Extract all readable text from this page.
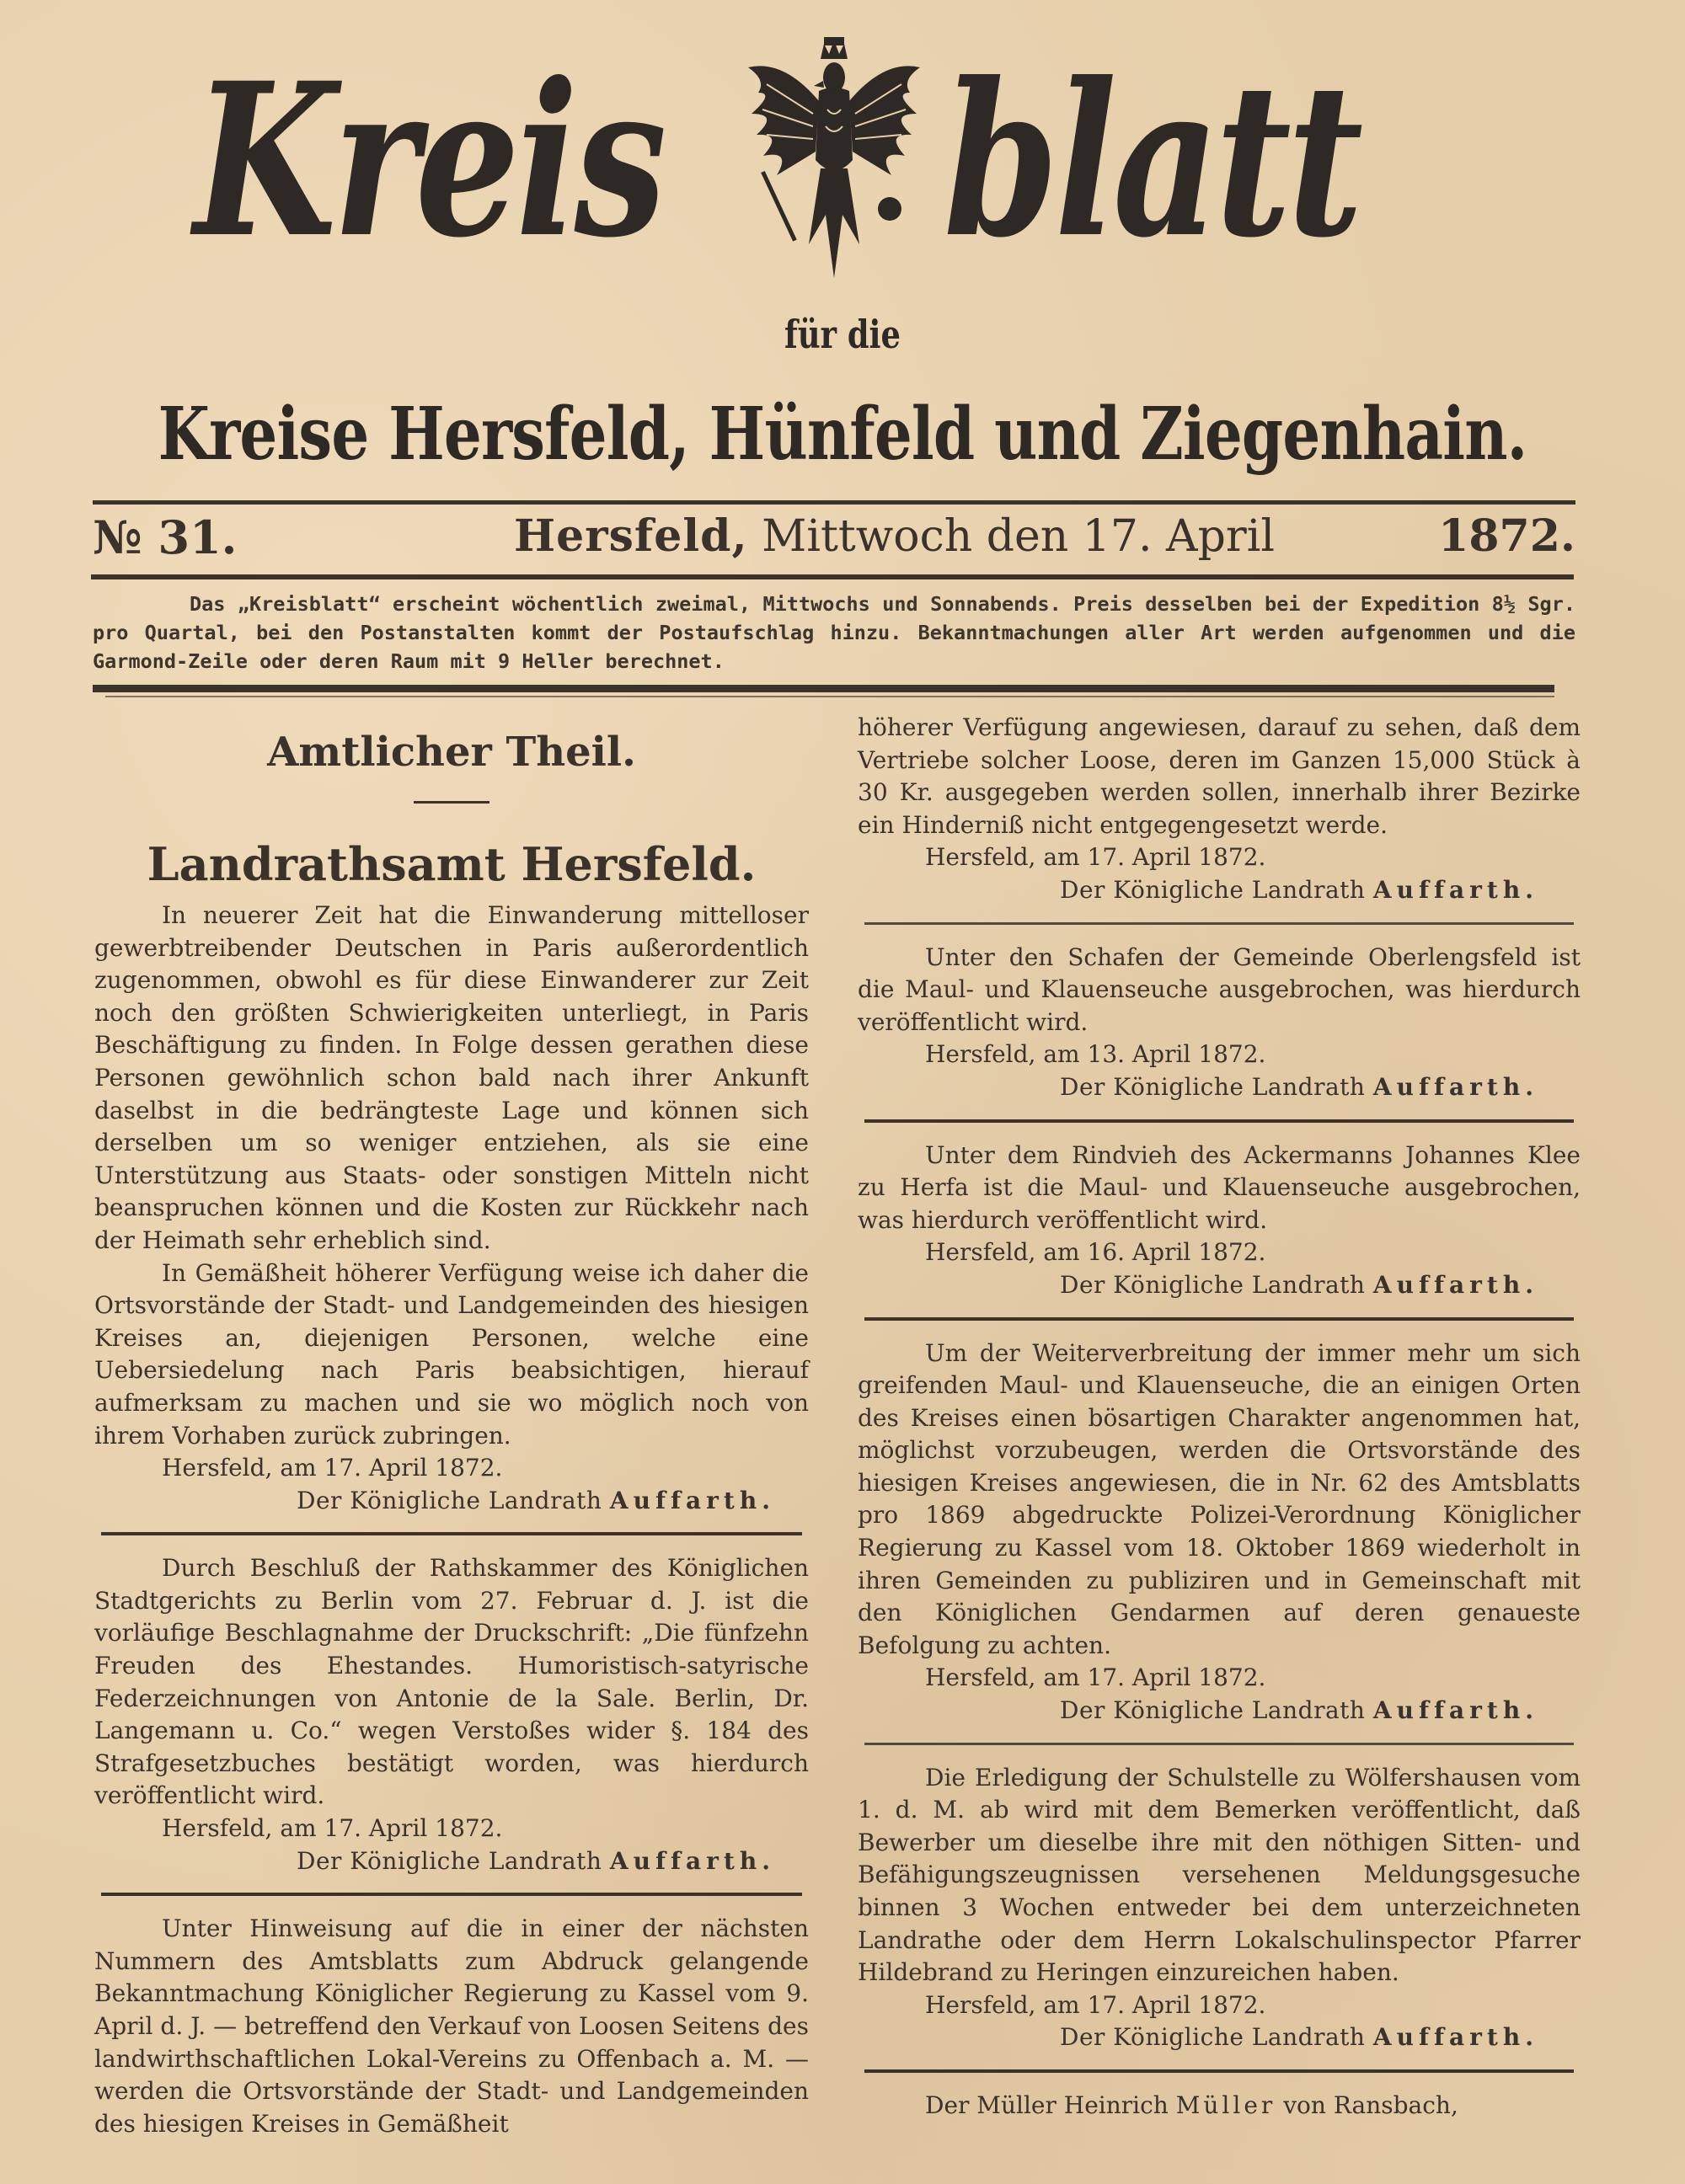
Kreis blatt
für die
Kreise Hersfeld, Hünfeld und Ziegenhain.
№ 31.	Hersfeld, Mittwoch den 17. April	1872.
Das „Kreisblatt“ erscheint wöchentlich zweimal, Mittwochs und Sonnabends. Preis desselben bei der Expedition 8½ Sgr. pro Quartal, bei den Postanstalten kommt der Postaufschlag hinzu. Bekanntmachungen aller Art werden aufgenommen und die Garmond-Zeile oder deren Raum mit 9 Heller berechnet.
Amtlicher Theil.
Landrathsamt Hersfeld.

In neuerer Zeit hat die Einwanderung mittelloser gewerbtreibender Deutschen in Paris außerordentlich zugenommen, obwohl es für diese Einwanderer zur Zeit noch den größten Schwierigkeiten unterliegt, in Paris Beschäftigung zu finden. In Folge dessen gerathen diese Personen gewöhnlich schon bald nach ihrer Ankunft daselbst in die bedrängteste Lage und können sich derselben um so weniger entziehen, als sie eine Unterstützung aus Staats- oder sonstigen Mitteln nicht beanspruchen können und die Kosten zur Rückkehr nach der Heimath sehr erheblich sind.

In Gemäßheit höherer Verfügung weise ich daher die Ortsvorstände der Stadt- und Landgemeinden des hiesigen Kreises an, diejenigen Personen, welche eine Uebersiedelung nach Paris beabsichtigen, hierauf aufmerksam zu machen und sie wo möglich noch von ihrem Vorhaben zurück zubringen.

Hersfeld, am 17. April 1872.

Der Königliche Landrath Auffarth.

Durch Beschluß der Rathskammer des Königlichen Stadtgerichts zu Berlin vom 27. Februar d. J. ist die vorläufige Beschlagnahme der Druckschrift: „Die fünfzehn Freuden des Ehestandes. Humoristisch-satyrische Federzeichnungen von Antonie de la Sale. Berlin, Dr. Langemann u. Co.“ wegen Verstoßes wider §. 184 des Strafgesetzbuches bestätigt worden, was hierdurch veröffentlicht wird.

Hersfeld, am 17. April 1872.

Der Königliche Landrath Auffarth.

Unter Hinweisung auf die in einer der nächsten Nummern des Amtsblatts zum Abdruck gelangende Bekanntmachung Königlicher Regierung zu Kassel vom 9. April d. J. — betreffend den Verkauf von Loosen Seitens des landwirthschaftlichen Lokal-Vereins zu Offenbach a. M. — werden die Ortsvorstände der Stadt- und Landgemeinden des hiesigen Kreises in Gemäßheit

höherer Verfügung angewiesen, darauf zu sehen, daß dem Vertriebe solcher Loose, deren im Ganzen 15,000 Stück à 30 Kr. ausgegeben werden sollen, innerhalb ihrer Bezirke ein Hinderniß nicht entgegengesetzt werde.

Hersfeld, am 17. April 1872.

Der Königliche Landrath Auffarth.

Unter den Schafen der Gemeinde Oberlengsfeld ist die Maul- und Klauenseuche ausgebrochen, was hierdurch veröffentlicht wird.

Hersfeld, am 13. April 1872.

Der Königliche Landrath Auffarth.

Unter dem Rindvieh des Ackermanns Johannes Klee zu Herfa ist die Maul- und Klauenseuche ausgebrochen, was hierdurch veröffentlicht wird.

Hersfeld, am 16. April 1872.

Der Königliche Landrath Auffarth.

Um der Weiterverbreitung der immer mehr um sich greifenden Maul- und Klauenseuche, die an einigen Orten des Kreises einen bösartigen Charakter angenommen hat, möglichst vorzubeugen, werden die Ortsvorstände des hiesigen Kreises angewiesen, die in Nr. 62 des Amtsblatts pro 1869 abgedruckte Polizei-Verordnung Königlicher Regierung zu Kassel vom 18. Oktober 1869 wiederholt in ihren Gemeinden zu publiziren und in Gemeinschaft mit den Königlichen Gendarmen auf deren genaueste Befolgung zu achten.

Hersfeld, am 17. April 1872.

Der Königliche Landrath Auffarth.

Die Erledigung der Schulstelle zu Wölfershausen vom 1. d. M. ab wird mit dem Bemerken veröffentlicht, daß Bewerber um dieselbe ihre mit den nöthigen Sitten- und Befähigungszeugnissen versehenen Meldungsgesuche binnen 3 Wochen entweder bei dem unterzeichneten Landrathe oder dem Herrn Lokalschulinspector Pfarrer Hildebrand zu Heringen einzureichen haben.

Hersfeld, am 17. April 1872.

Der Königliche Landrath Auffarth.

Der Müller Heinrich Müller von Ransbach,
